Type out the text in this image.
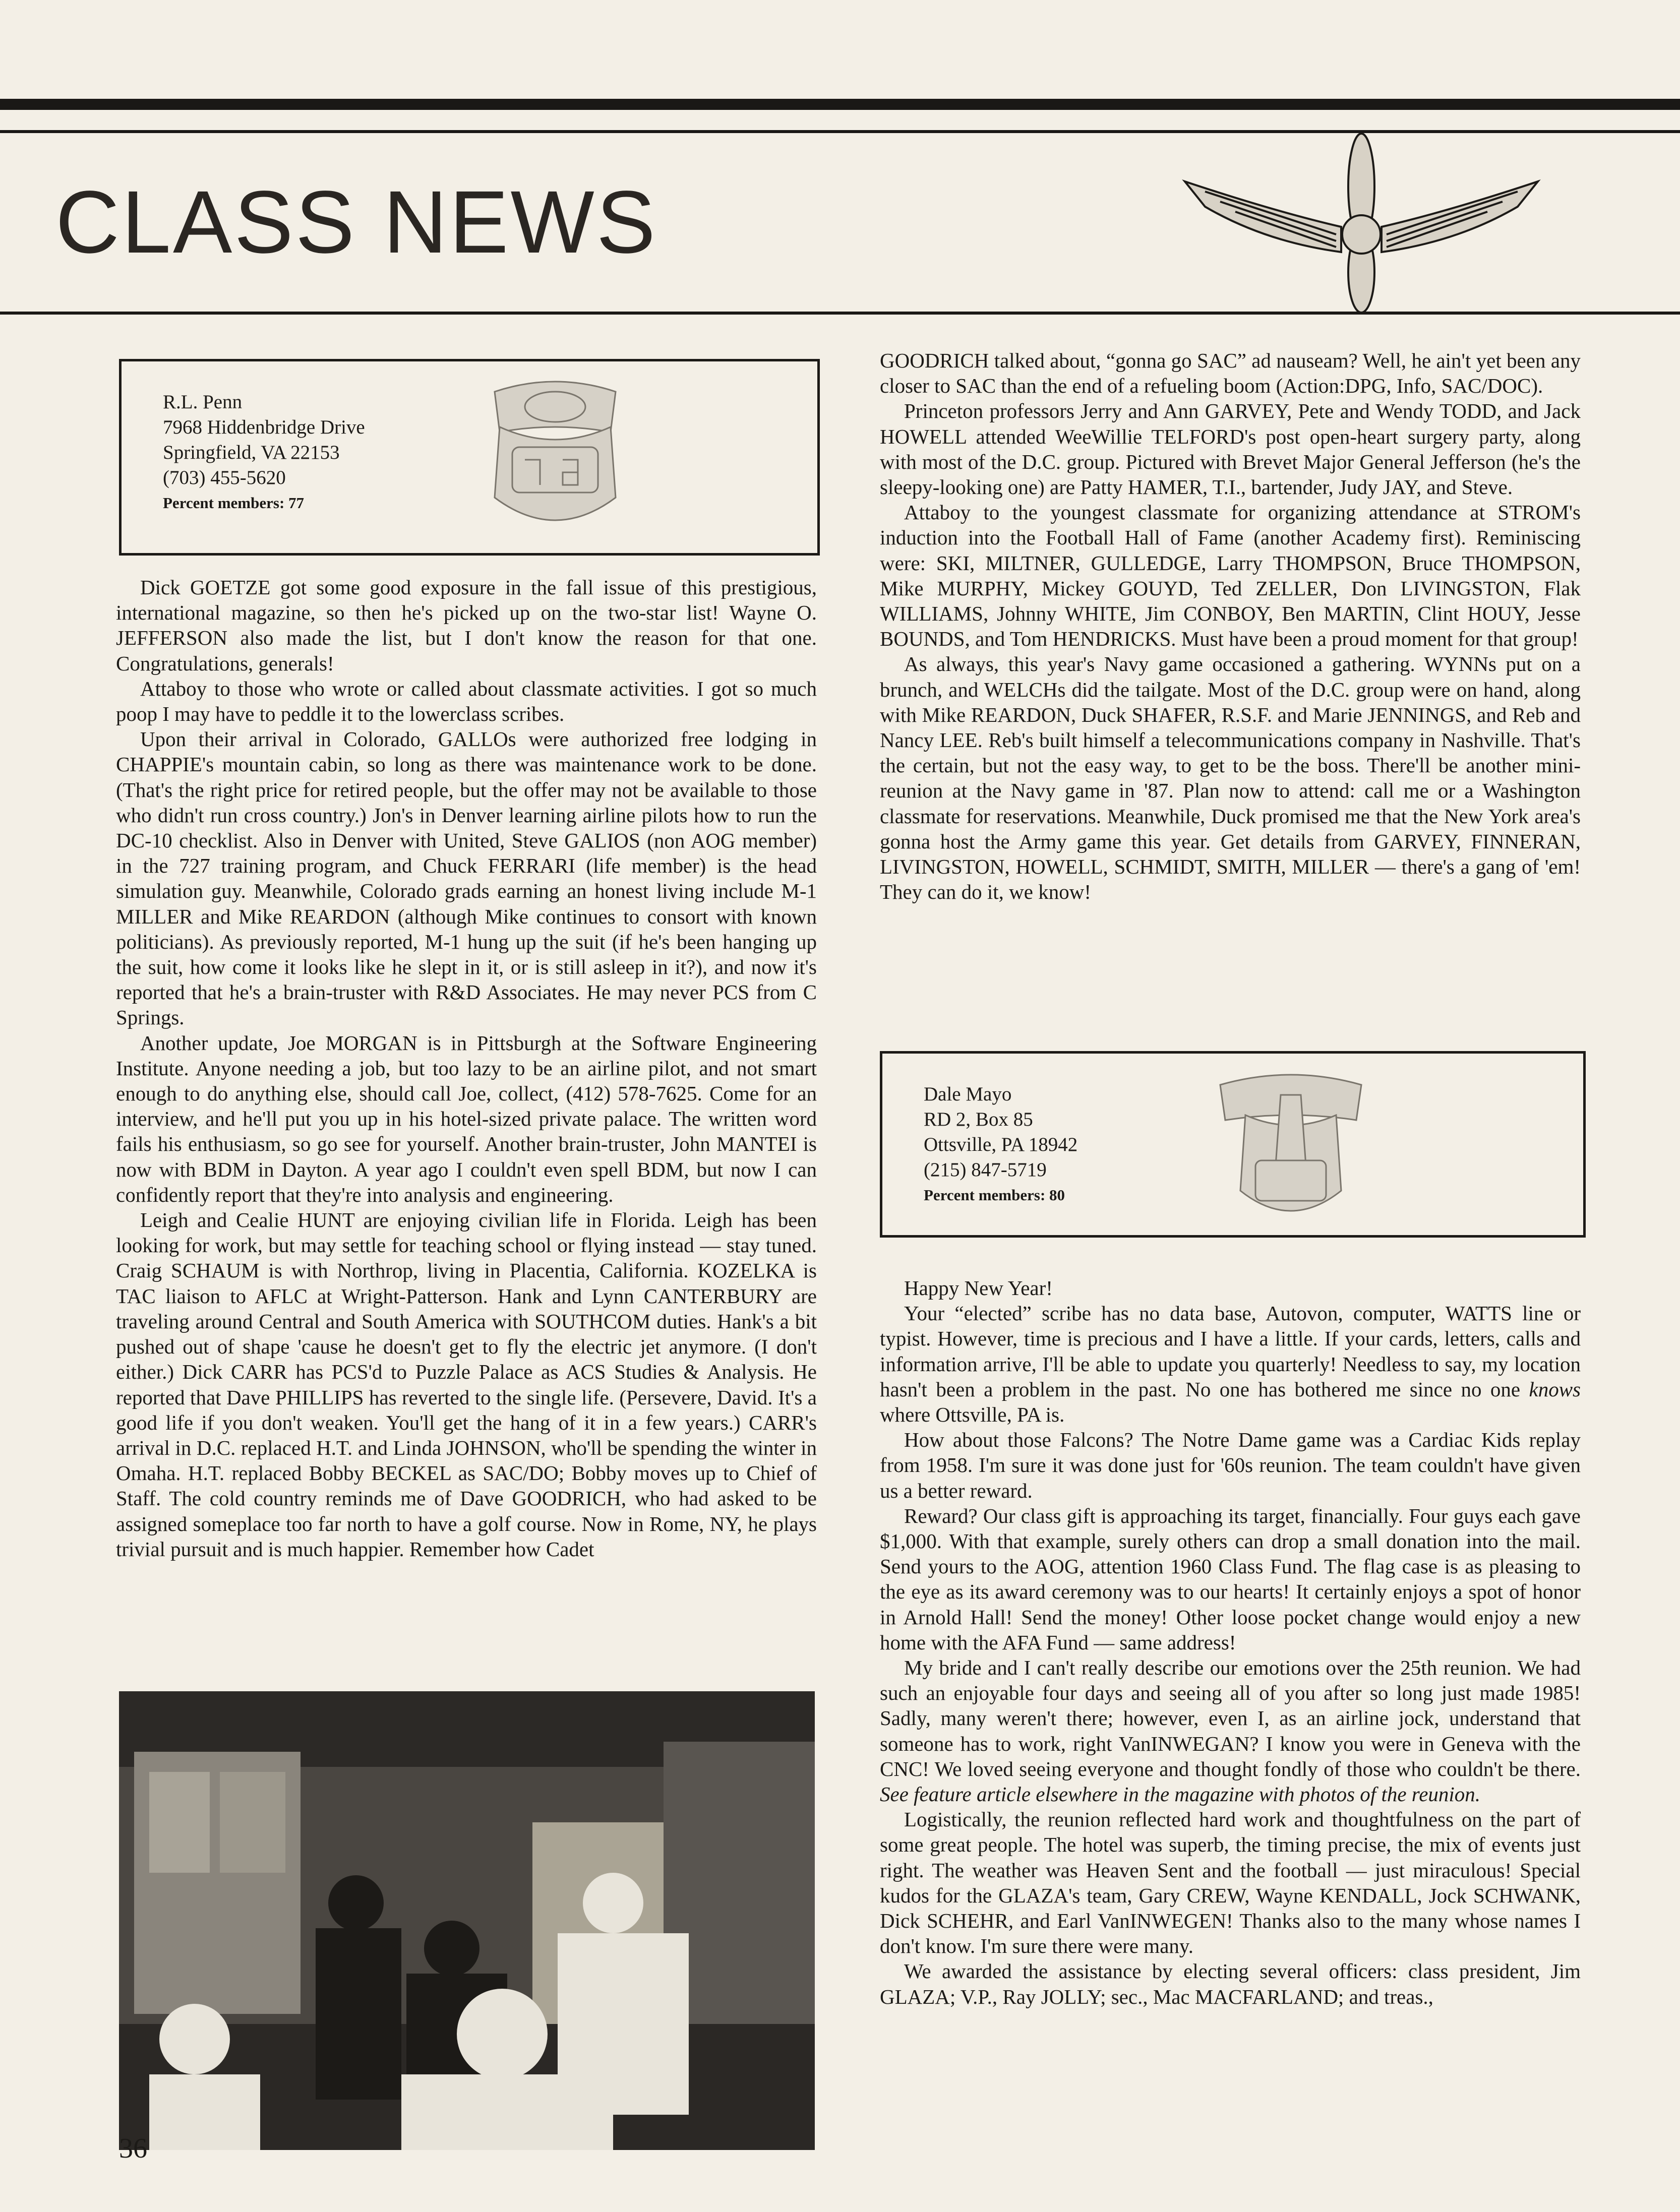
CLASS NEWS
R.L. Penn
7968 Hiddenbridge Drive
Springfield, VA 22153
(703) 455-5620
Percent members: 77

Dick GOETZE got some good exposure in the fall issue of this prestigious, international magazine, so then he's picked up on the two-star list! Wayne O. JEFFERSON also made the list, but I don't know the reason for that one. Congratulations, generals!

Attaboy to those who wrote or called about classmate activities. I got so much poop I may have to peddle it to the lowerclass scribes.

Upon their arrival in Colorado, GALLOs were authorized free lodging in CHAPPIE's mountain cabin, so long as there was maintenance work to be done. (That's the right price for retired people, but the offer may not be available to those who didn't run cross country.) Jon's in Denver learning airline pilots how to run the DC-10 checklist. Also in Denver with United, Steve GALIOS (non AOG member) in the 727 training program, and Chuck FERRARI (life member) is the head simulation guy. Meanwhile, Colorado grads earning an honest living include M-1 MILLER and Mike REARDON (although Mike continues to consort with known politicians). As previously reported, M-1 hung up the suit (if he's been hanging up the suit, how come it looks like he slept in it, or is still asleep in it?), and now it's reported that he's a brain-truster with R&D Associates. He may never PCS from C Springs.

Another update, Joe MORGAN is in Pittsburgh at the Software Engineering Institute. Anyone needing a job, but too lazy to be an airline pilot, and not smart enough to do anything else, should call Joe, collect, (412) 578-7625. Come for an interview, and he'll put you up in his hotel-sized private palace. The written word fails his enthusiasm, so go see for yourself. Another brain-truster, John MANTEI is now with BDM in Dayton. A year ago I couldn't even spell BDM, but now I can confidently report that they're into analysis and engineering.

Leigh and Cealie HUNT are enjoying civilian life in Florida. Leigh has been looking for work, but may settle for teaching school or flying instead — stay tuned. Craig SCHAUM is with Northrop, living in Placentia, California. KOZELKA is TAC liaison to AFLC at Wright-Patterson. Hank and Lynn CANTERBURY are traveling around Central and South America with SOUTHCOM duties. Hank's a bit pushed out of shape 'cause he doesn't get to fly the electric jet anymore. (I don't either.) Dick CARR has PCS'd to Puzzle Palace as ACS Studies & Analysis. He reported that Dave PHILLIPS has reverted to the single life. (Persevere, David. It's a good life if you don't weaken. You'll get the hang of it in a few years.) CARR's arrival in D.C. replaced H.T. and Linda JOHNSON, who'll be spending the winter in Omaha. H.T. replaced Bobby BECKEL as SAC/DO; Bobby moves up to Chief of Staff. The cold country reminds me of Dave GOODRICH, who had asked to be assigned someplace too far north to have a golf course. Now in Rome, NY, he plays trivial pursuit and is much happier. Remember how Cadet

GOODRICH talked about, “gonna go SAC” ad nauseam? Well, he ain't yet been any closer to SAC than the end of a refueling boom (Action:DPG, Info, SAC/DOC).

Princeton professors Jerry and Ann GARVEY, Pete and Wendy TODD, and Jack HOWELL attended WeeWillie TELFORD's post open-heart surgery party, along with most of the D.C. group. Pictured with Brevet Major General Jefferson (he's the sleepy-looking one) are Patty HAMER, T.I., bartender, Judy JAY, and Steve.

Attaboy to the youngest classmate for organizing attendance at STROM's induction into the Football Hall of Fame (another Academy first). Reminiscing were: SKI, MILTNER, GULLEDGE, Larry THOMPSON, Bruce THOMPSON, Mike MURPHY, Mickey GOUYD, Ted ZELLER, Don LIVINGSTON, Flak WILLIAMS, Johnny WHITE, Jim CONBOY, Ben MARTIN, Clint HOUY, Jesse BOUNDS, and Tom HENDRICKS. Must have been a proud moment for that group!

As always, this year's Navy game occasioned a gathering. WYNNs put on a brunch, and WELCHs did the tailgate. Most of the D.C. group were on hand, along with Mike REARDON, Duck SHAFER, R.S.F. and Marie JENNINGS, and Reb and Nancy LEE. Reb's built himself a telecommunications company in Nashville. That's the certain, but not the easy way, to get to be the boss. There'll be another mini-reunion at the Navy game in '87. Plan now to attend: call me or a Washington classmate for reservations. Meanwhile, Duck promised me that the New York area's gonna host the Army game this year. Get details from GARVEY, FINNERAN, LIVINGSTON, HOWELL, SCHMIDT, SMITH, MILLER — there's a gang of 'em! They can do it, we know!

Dale Mayo
RD 2, Box 85
Ottsville, PA 18942
(215) 847-5719
Percent members: 80

Happy New Year!

Your “elected” scribe has no data base, Autovon, computer, WATTS line or typist. However, time is precious and I have a little. If your cards, letters, calls and information arrive, I'll be able to update you quarterly! Needless to say, my location hasn't been a problem in the past. No one has bothered me since no one knows where Ottsville, PA is.

How about those Falcons? The Notre Dame game was a Cardiac Kids replay from 1958. I'm sure it was done just for '60s reunion. The team couldn't have given us a better reward.

Reward? Our class gift is approaching its target, financially. Four guys each gave $1,000. With that example, surely others can drop a small donation into the mail. Send yours to the AOG, attention 1960 Class Fund. The flag case is as pleasing to the eye as its award ceremony was to our hearts! It certainly enjoys a spot of honor in Arnold Hall! Send the money! Other loose pocket change would enjoy a new home with the AFA Fund — same address!

My bride and I can't really describe our emotions over the 25th reunion. We had such an enjoyable four days and seeing all of you after so long just made 1985! Sadly, many weren't there; however, even I, as an airline jock, understand that someone has to work, right VanINWEGAN? I know you were in Geneva with the CNC! We loved seeing everyone and thought fondly of those who couldn't be there. See feature article elsewhere in the magazine with photos of the reunion.

Logistically, the reunion reflected hard work and thoughtfulness on the part of some great people. The hotel was superb, the timing precise, the mix of events just right. The weather was Heaven Sent and the football — just miraculous! Special kudos for the GLAZA's team, Gary CREW, Wayne KENDALL, Jock SCHWANK, Dick SCHEHR, and Earl VanINWEGEN! Thanks also to the many whose names I don't know. I'm sure there were many.

We awarded the assistance by electing several officers: class president, Jim GLAZA; V.P., Ray JOLLY; sec., Mac MACFARLAND; and treas.,

36
